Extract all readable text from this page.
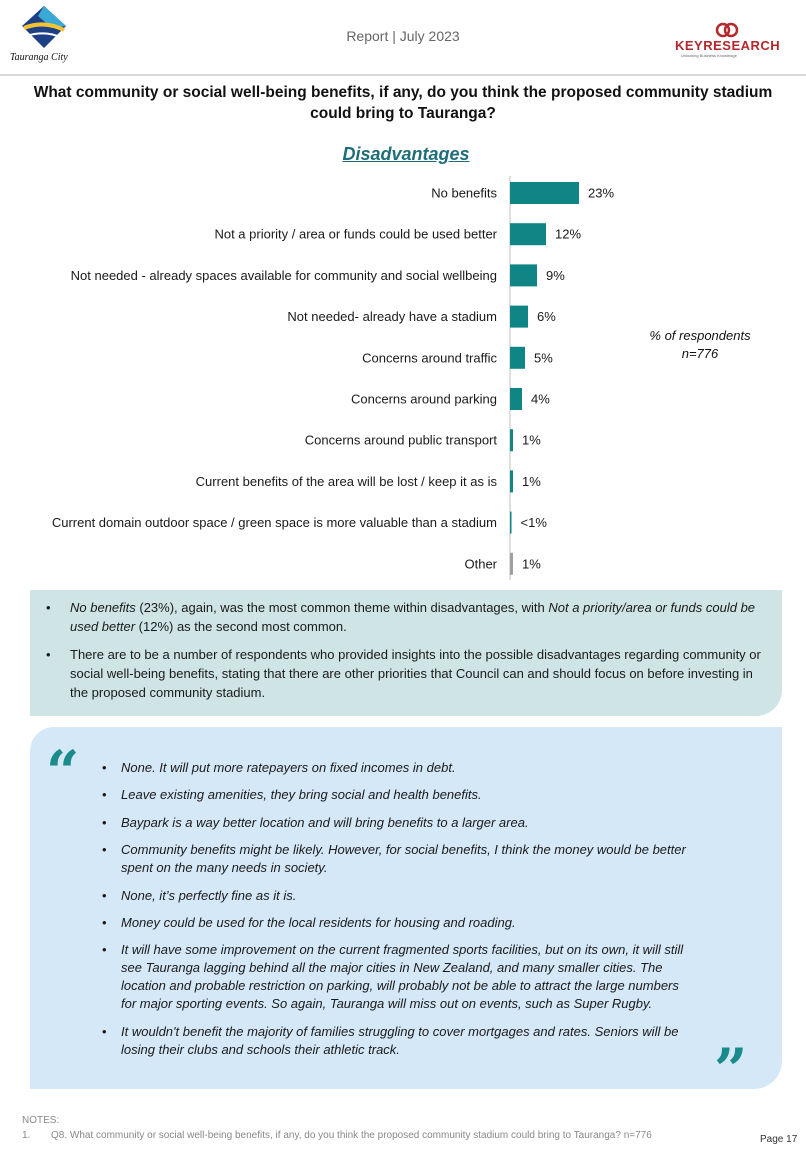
Tauranga City
Report | July 2023
KEYRESEARCH
Unlocking Business Knowledge
What community or social well-being benefits, if any, do you think the proposed community stadium could bring to Tauranga?
Disadvantages
No benefits	23%
Not a priority / area or funds could be used better	12%
Not needed - already spaces available for community and social wellbeing	9%
Not needed- already have a stadium	6%
Concerns around traffic	5%
Concerns around parking	4%
Concerns around public transport 1%
Current benefits of the area will be lost / keep it as is 1%
Current domain outdoor space / green space is more valuable than a stadium <1%
Other 1%
% of respondents
n=776
• No benefits (23%), again, was the most common theme within disadvantages, with Not a priority/area or funds could be used better (12%) as the second most common.
• There are to be a number of respondents who provided insights into the possible disadvantages regarding community or social well-being benefits, stating that there are other priorities that Council can and should focus on before investing in the proposed community stadium.
“
•	None. It will put more ratepayers on fixed incomes in debt.
• Leave existing amenities, they bring social and health benefits.
• Baypark is a way better location and will bring benefits to a larger area.
• Community benefits might be likely. However, for social benefits, I think the money would be better spent on the many needs in society.
• None, it’s perfectly fine as it is.
• Money could be used for the local residents for housing and roading.
• It will have some improvement on the current fragmented sports facilities, but on its own, it will still see Tauranga lagging behind all the major cities in New Zealand, and many smaller cities. The location and probable restriction on parking, will probably not be able to attract the large numbers for major sporting events. So again, Tauranga will miss out on events, such as Super Rugby.
• It wouldn't benefit the majority of families struggling to cover mortgages and rates. Seniors will be losing their clubs and schools their athletic track.	”
NOTES:
1. Q8. What community or social well-being benefits, if any, do you think the proposed community stadium could bring to Tauranga? n=776	Page 17
